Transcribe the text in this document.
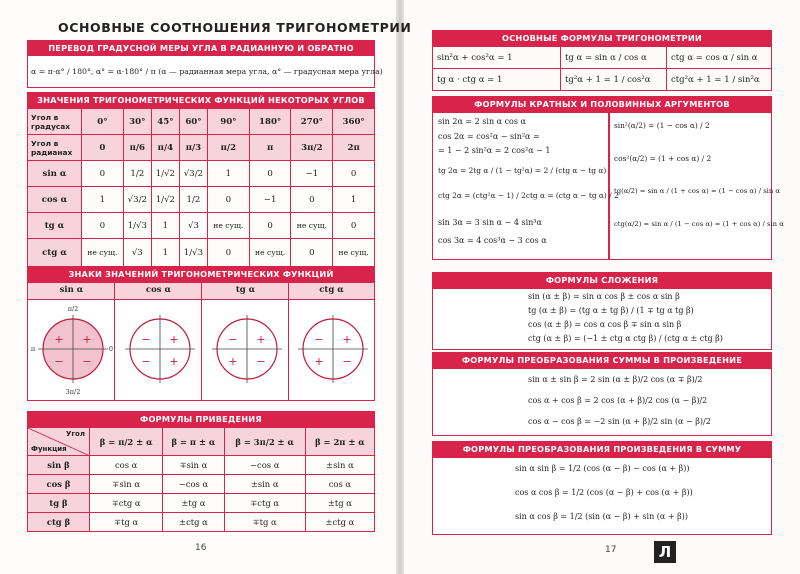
ОСНОВНЫЕ СООТНОШЕНИЯ ТРИГОНОМЕТРИИ
ПЕРЕВОД ГРАДУСНОЙ МЕРЫ УГЛА В РАДИАННУЮ И ОБРАТНО
α = π·α° / 180°, α° = α·180° / π (α — радианная мера угла, α° — градусная мера угла)
ЗНАЧЕНИЯ ТРИГОНОМЕТРИЧЕСКИХ ФУНКЦИЙ НЕКОТОРЫХ УГЛОВ
Угол в градусах	0°	30°	45°	60°	90°	180°	270°	360°
Угол в радианах	0	π/6	π/4	π/3	π/2	π	3π/2	2π
sin α	0	1/2	1/√2	√3/2	1	0	−1	0
cos α	1	√3/2	1/√2	1/2	0	−1	0	1
tg α	0	1/√3	1	√3	не сущ.	0	не сущ.	0
ctg α	не сущ.	√3	1	1/√3	0	не сущ.	0	не сущ.
ЗНАКИ ЗНАЧЕНИЙ ТРИГОНОМЕТРИЧЕСКИХ ФУНКЦИЙ
sin α
+ +
− −
π/2
π	0
3π/2
cos α
− +
− +
tg α
− +
+ −
ctg α
− +
+ −
ФОРМУЛЫ ПРИВЕДЕНИЯ
Угол
Функция	β = π/2 ± α	β = π ± α	β = 3π/2 ± α	β = 2π ± α
sin β	cos α	∓sin α	−cos α	±sin α
cos β	∓sin α	−cos α	±sin α	cos α
tg β	∓ctg α	±tg α	∓ctg α	±tg α
ctg β	∓tg α	±ctg α	∓tg α	±ctg α
16
ОСНОВНЫЕ ФОРМУЛЫ ТРИГОНОМЕТРИИ
sin²α + cos²α = 1	tg α = sin α / cos α	ctg α = cos α / sin α
tg α · ctg α = 1	tg²α + 1 = 1 / cos²α	ctg²α + 1 = 1 / sin²α
ФОРМУЛЫ КРАТНЫХ И ПОЛОВИННЫХ АРГУМЕНТОВ
sin 2α = 2 sin α cos α
cos 2α = cos²α − sin²α =
= 1 − 2 sin²α = 2 cos²α − 1
tg 2α = 2tg α / (1 − tg²α) = 2 / (ctg α − tg α)
ctg 2α = (ctg²α − 1) / 2ctg α = (ctg α − tg α) / 2
sin 3α = 3 sin α − 4 sin³α
cos 3α = 4 cos³α − 3 cos α
sin²(α/2) = (1 − cos α) / 2
cos²(α/2) = (1 + cos α) / 2
tg(α/2) = sin α / (1 + cos α) = (1 − cos α) / sin α
ctg(α/2) = sin α / (1 − cos α) = (1 + cos α) / sin α
ФОРМУЛЫ СЛОЖЕНИЯ
sin (α ± β) = sin α cos β ± cos α sin β
tg (α ± β) = (tg α ± tg β) / (1 ∓ tg α tg β)
cos (α ± β) = cos α cos β ∓ sin α sin β
ctg (α ± β) = (−1 ± ctg α ctg β) / (ctg α ± ctg β)
ФОРМУЛЫ ПРЕОБРАЗОВАНИЯ СУММЫ В ПРОИЗВЕДЕНИЕ
sin α ± sin β = 2 sin (α ± β)/2 cos (α ∓ β)/2
cos α + cos β = 2 cos (α + β)/2 cos (α − β)/2
cos α − cos β = −2 sin (α + β)/2 sin (α − β)/2
ФОРМУЛЫ ПРЕОБРАЗОВАНИЯ ПРОИЗВЕДЕНИЯ В СУММУ
sin α sin β = 1/2 (cos (α − β) − cos (α + β))
cos α cos β = 1/2 (cos (α − β) + cos (α + β))
sin α cos β = 1/2 (sin (α − β) + sin (α + β))
17	Л
